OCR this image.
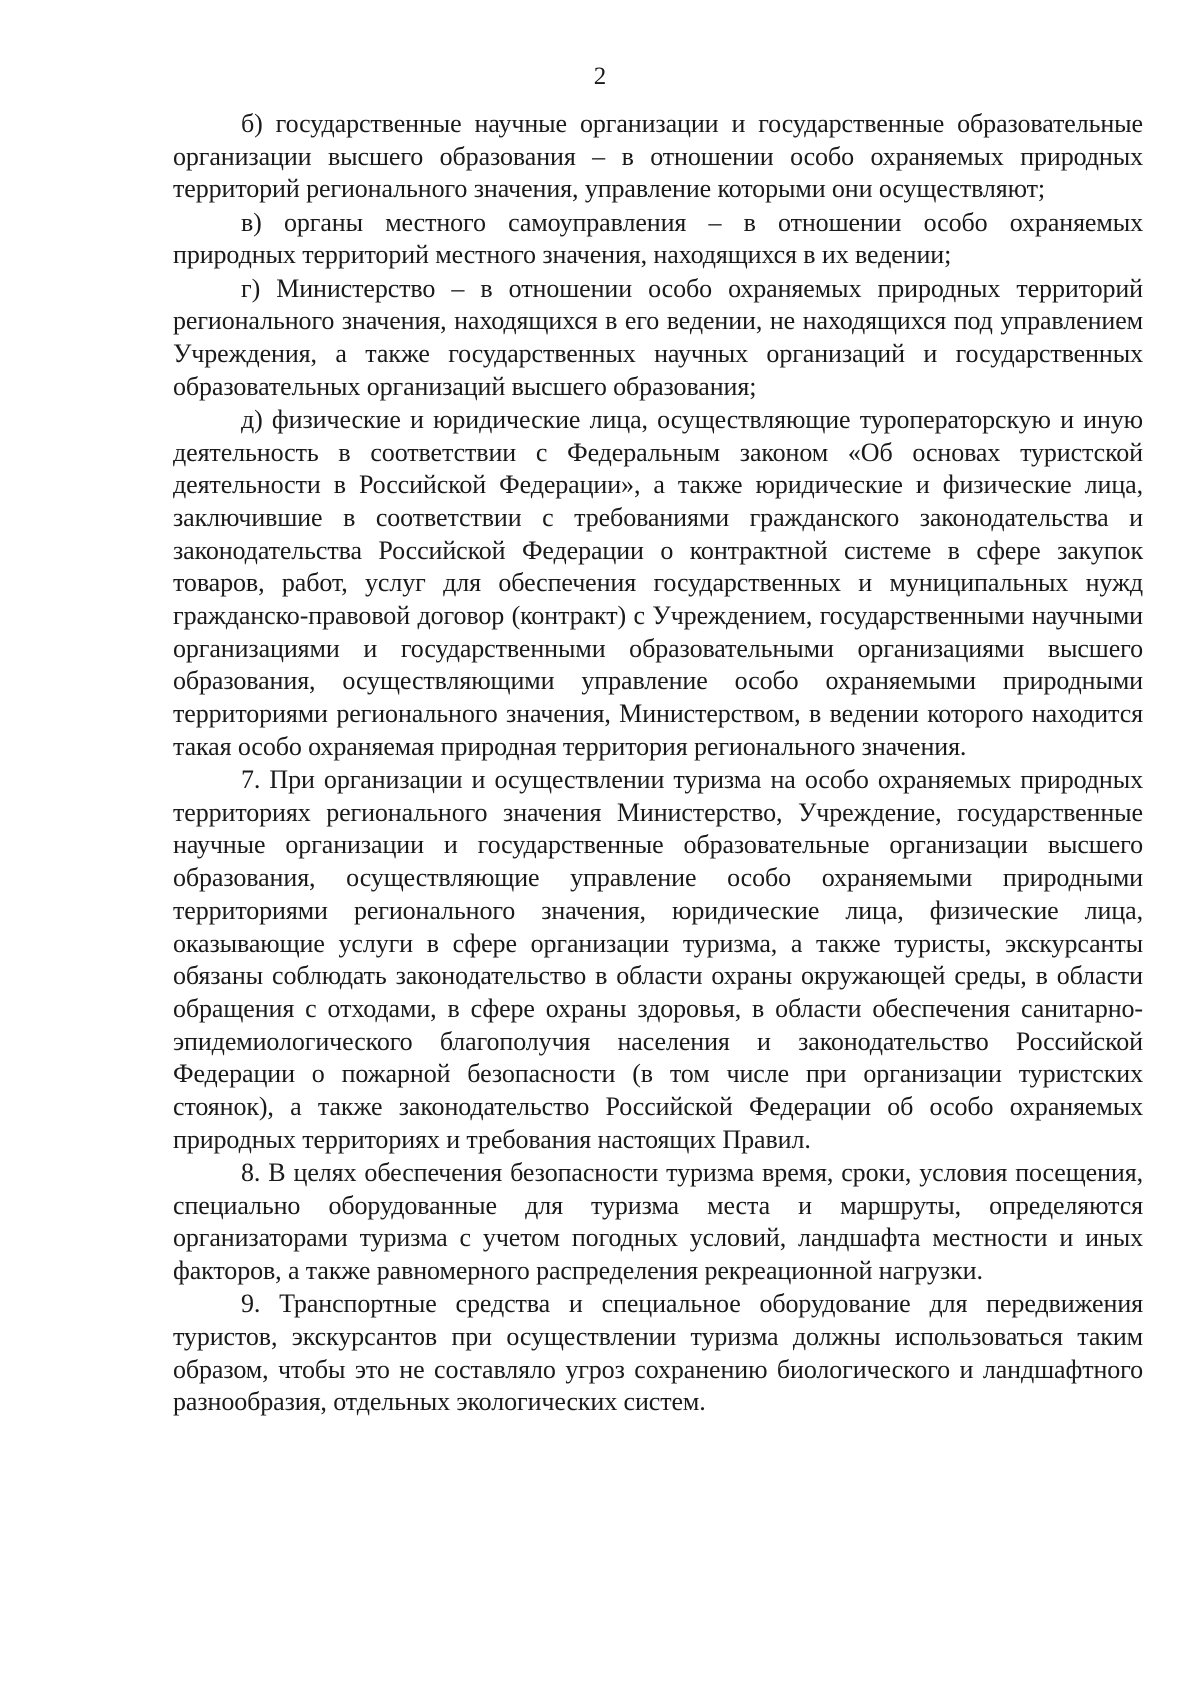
2

б) государственные научные организации и государственные образовательные организации высшего образования – в отношении особо охраняемых природных территорий регионального значения, управление которыми они осуществляют;

в) органы местного самоуправления – в отношении особо охраняемых природных территорий местного значения, находящихся в их ведении;

г) Министерство – в отношении особо охраняемых природных территорий регионального значения, находящихся в его ведении, не находящихся под управлением Учреждения, а также государственных научных организаций и государственных образовательных организаций высшего образования;

д) физические и юридические лица, осуществляющие туроператорскую и иную деятельность в соответствии с Федеральным законом «Об основах туристской деятельности в Российской Федерации», а также юридические и физические лица, заключившие в соответствии с требованиями гражданского законодательства и законодательства Российской Федерации о контрактной системе в сфере закупок товаров, работ, услуг для обеспечения государственных и муниципальных нужд гражданско-правовой договор (контракт) с Учреждением, государственными научными организациями и государственными образовательными организациями высшего образования, осуществляющими управление особо охраняемыми природными территориями регионального значения, Министерством, в ведении которого находится такая особо охраняемая природная территория регионального значения.

7. При организации и осуществлении туризма на особо охраняемых природных территориях регионального значения Министерство, Учреждение, государственные научные организации и государственные образовательные организации высшего образования, осуществляющие управление особо охраняемыми природными территориями регионального значения, юридические лица, физические лица, оказывающие услуги в сфере организации туризма, а также туристы, экскурсанты обязаны соблюдать законодательство в области охраны окружающей среды, в области обращения с отходами, в сфере охраны здоровья, в области обеспечения санитарно-эпидемиологического благополучия населения и законодательство Российской Федерации о пожарной безопасности (в том числе при организации туристских стоянок), а также законодательство Российской Федерации об особо охраняемых природных территориях и требования настоящих Правил.

8. В целях обеспечения безопасности туризма время, сроки, условия посещения, специально оборудованные для туризма места и маршруты, определяются организаторами туризма с учетом погодных условий, ландшафта местности и иных факторов, а также равномерного распределения рекреационной нагрузки.

9. Транспортные средства и специальное оборудование для передвижения туристов, экскурсантов при осуществлении туризма должны использоваться таким образом, чтобы это не составляло угроз сохранению биологического и ландшафтного разнообразия, отдельных экологических систем.
